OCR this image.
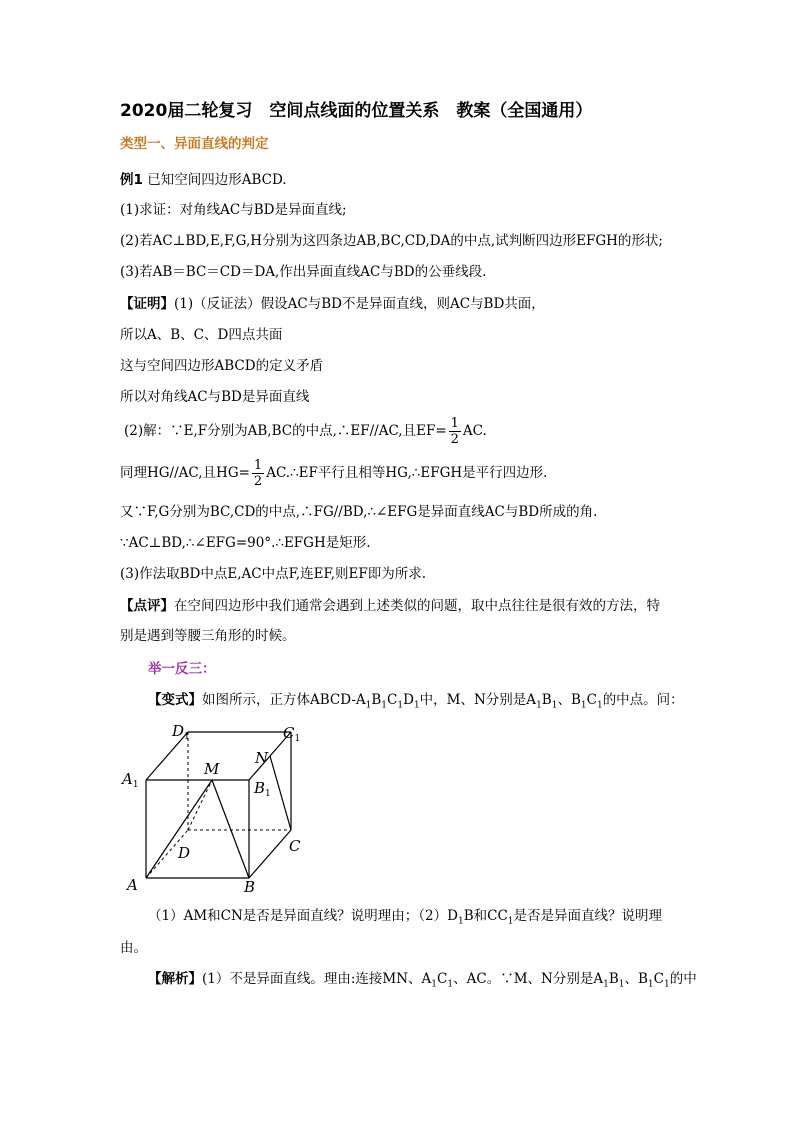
2020届二轮复习　空间点线面的位置关系　教案（全国通用）
类型一、异面直线的判定
例1 已知空间四边形ABCD.
(1)求证：对角线AC与BD是异面直线;
(2)若AC⊥BD,E,F,G,H分别为这四条边AB,BC,CD,DA的中点,试判断四边形EFGH的形状;
(3)若AB＝BC＝CD＝DA,作出异面直线AC与BD的公垂线段.
【证明】(1)（反证法）假设AC与BD不是异面直线，则AC与BD共面，
所以A、B、C、D四点共面
这与空间四边形ABCD的定义矛盾
所以对角线AC与BD是异面直线
(2)解：∵E,F分别为AB,BC的中点,∴EF//AC,且$EF= \frac{1}{2}$ AC.
同理HG//AC,且$HG= \frac{1}{2}$ AC.∴EF平行且相等HG,∴EFGH是平行四边形.
又∵F,G分别为BC,CD的中点,∴FG//BD,∴∠EFG是异面直线AC与BD所成的角.
∵AC⊥BD,∴∠EFG=90°.∴EFGH是矩形.
(3)作法取BD中点E,AC中点F,连EF,则EF即为所求.
【点评】在空间四边形中我们通常会遇到上述类似的问题，取中点往往是很有效的方法，特
别是遇到等腰三角形的时候。
举一反三：
【变式】如图所示，正方体ABCD-$A_1B_1C_1D_1$中，M、N分别是$A_1B_1$、$B_1C_1$的中点。问：
$D_1$	$C_1$
$A_1$	$B_1$
M
N
D	C
A	B
（1）AM和CN是否是异面直线？说明理由；$(2)D_1B$和$CC_1$是否是异面直线？说明理
由。
【解析】(1）不是异面直线。理由:连接MN、$A_1C_1$、AC。∵M、N分别是$A_1B_1$、$B_1C_1$的中
